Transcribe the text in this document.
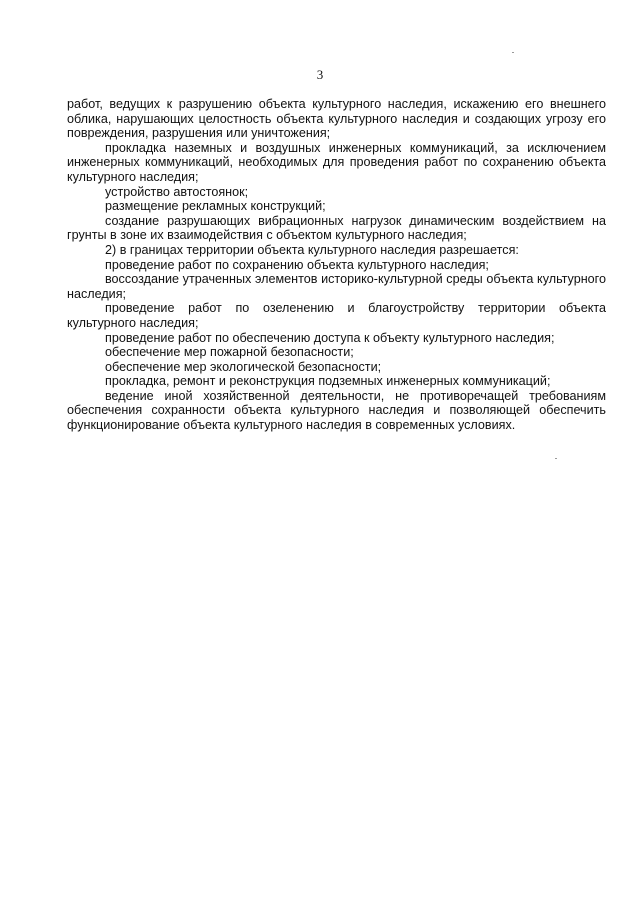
3

работ, ведущих к разрушению объекта культурного наследия, искажению его внешнего облика, нарушающих целостность объекта культурного наследия и создающих угрозу его повреждения, разрушения или уничтожения;

прокладка наземных и воздушных инженерных коммуникаций, за исключением инженерных коммуникаций, необходимых для проведения работ по сохранению объекта культурного наследия;

устройство автостоянок;

размещение рекламных конструкций;

создание разрушающих вибрационных нагрузок динамическим воздействием на грунты в зоне их взаимодействия с объектом культурного наследия;

2) в границах территории объекта культурного наследия разрешается:

проведение работ по сохранению объекта культурного наследия;

воссоздание утраченных элементов историко-культурной среды объекта культурного наследия;

проведение работ по озеленению и благоустройству территории объекта культурного наследия;

проведение работ по обеспечению доступа к объекту культурного наследия;

обеспечение мер пожарной безопасности;

обеспечение мер экологической безопасности;

прокладка, ремонт и реконструкция подземных инженерных коммуникаций;

ведение иной хозяйственной деятельности, не противоречащей требованиям обеспечения сохранности объекта культурного наследия и позволяющей обеспечить функционирование объекта культурного наследия в современных условиях.
